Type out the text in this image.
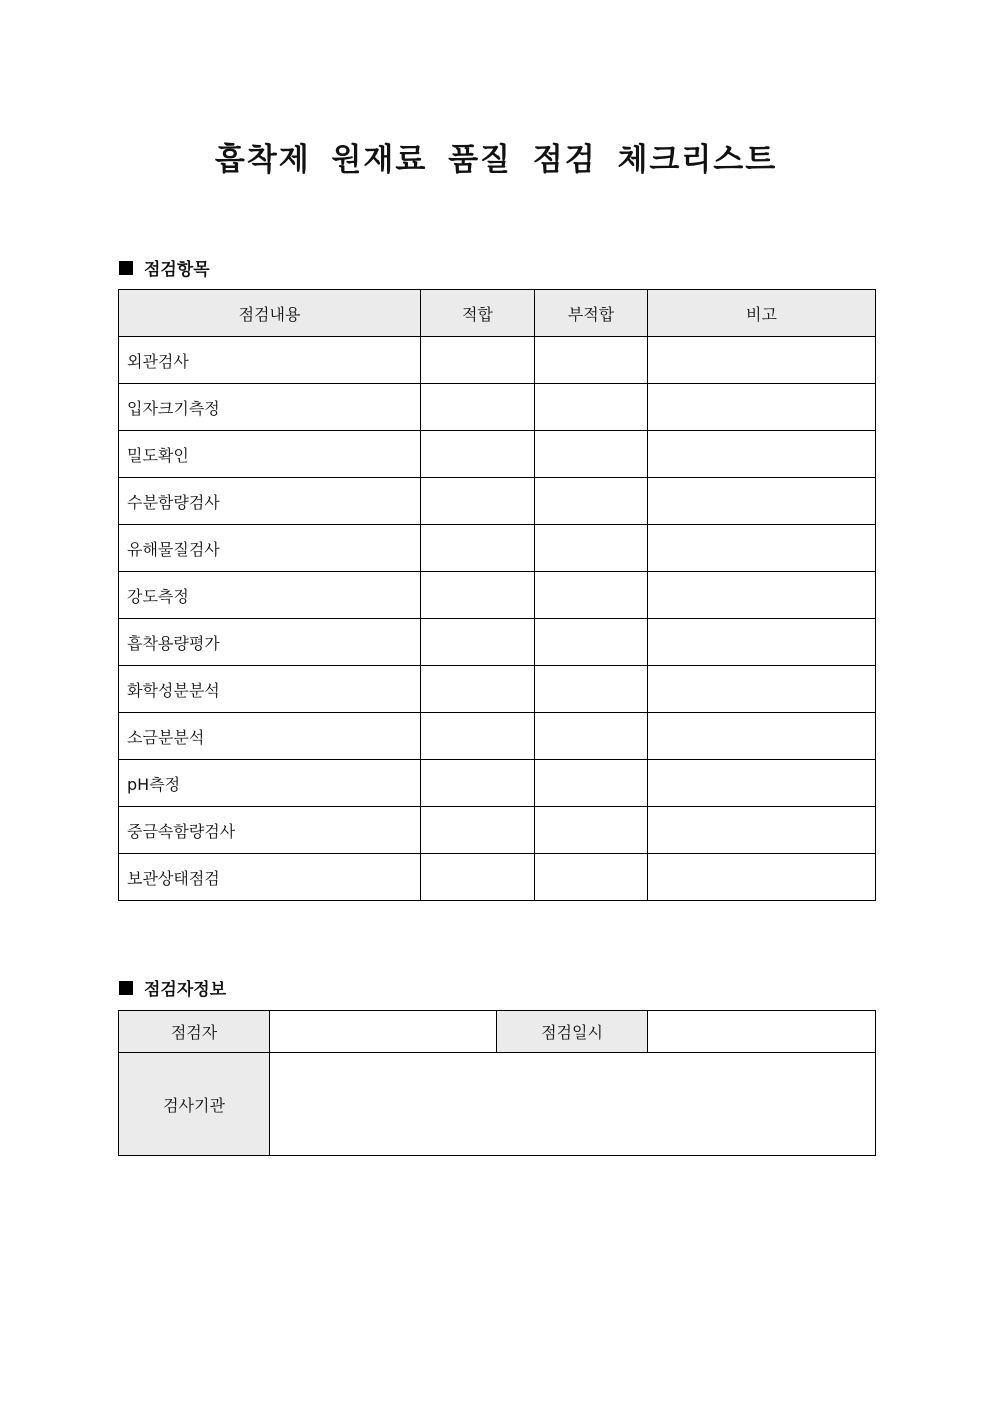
흡착제 원재료 품질 점검 체크리스트
점검항목
점검내용	적합	부적합	비고
외관검사			
입자크기측정			
밀도확인			
수분함량검사			
유해물질검사			
강도측정			
흡착용량평가			
화학성분분석			
소금분분석			
pH측정			
중금속함량검사			
보관상태점검			
점검자정보
점검자		점검일시	
검사기관			
